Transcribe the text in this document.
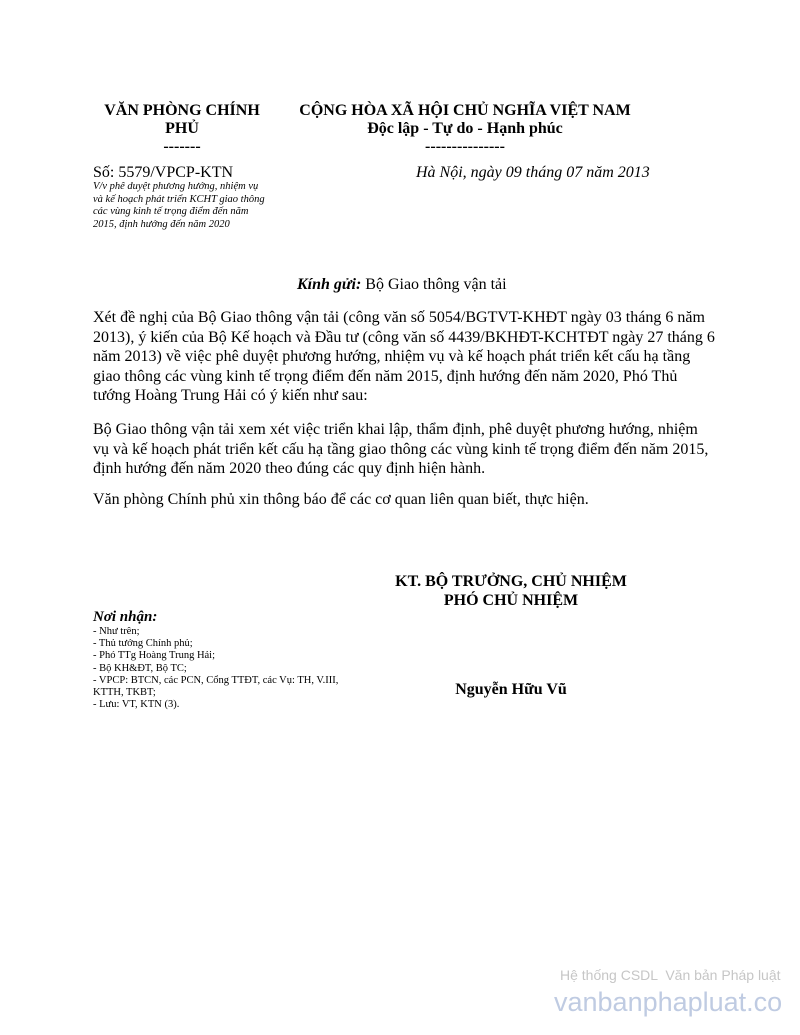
VĂN PHÒNG CHÍNH
PHỦ
-------
CỘNG HÒA XÃ HỘI CHỦ NGHĨA VIỆT NAM
Độc lập - Tự do - Hạnh phúc
---------------
Số: 5579/VPCP-KTN	Hà Nội, ngày 09 tháng 07 năm 2013
V/v phê duyệt phương hướng, nhiệm vụ
và kế hoạch phát triển KCHT giao thông
các vùng kinh tế trọng điểm đến năm
2015, định hướng đến năm 2020
Kính gửi: Bộ Giao thông vận tải
Xét đề nghị của Bộ Giao thông vận tải (công văn số 5054/BGTVT-KHĐT ngày 03 tháng 6 năm
2013), ý kiến của Bộ Kế hoạch và Đầu tư (công văn số 4439/BKHĐT-KCHTĐT ngày 27 tháng 6
năm 2013) về việc phê duyệt phương hướng, nhiệm vụ và kế hoạch phát triển kết cấu hạ tầng
giao thông các vùng kinh tế trọng điểm đến năm 2015, định hướng đến năm 2020, Phó Thủ
tướng Hoàng Trung Hải có ý kiến như sau:
Bộ Giao thông vận tải xem xét việc triển khai lập, thẩm định, phê duyệt phương hướng, nhiệm
vụ và kế hoạch phát triển kết cấu hạ tầng giao thông các vùng kinh tế trọng điểm đến năm 2015,
định hướng đến năm 2020 theo đúng các quy định hiện hành.
Văn phòng Chính phủ xin thông báo để các cơ quan liên quan biết, thực hiện.
KT. BỘ TRƯỞNG, CHỦ NHIỆM
PHÓ CHỦ NHIỆM
Nguyễn Hữu Vũ
Nơi nhận:
- Như trên;
- Thủ tướng Chính phủ;
- Phó TTg Hoàng Trung Hải;
- Bộ KH&ĐT, Bộ TC;
- VPCP: BTCN, các PCN, Cổng TTĐT, các Vụ: TH, V.III,
KTTH, TKBT;
- Lưu: VT, KTN (3).
Hệ thống CSDL  Văn bản Pháp luật
vanbanphapluat.co
